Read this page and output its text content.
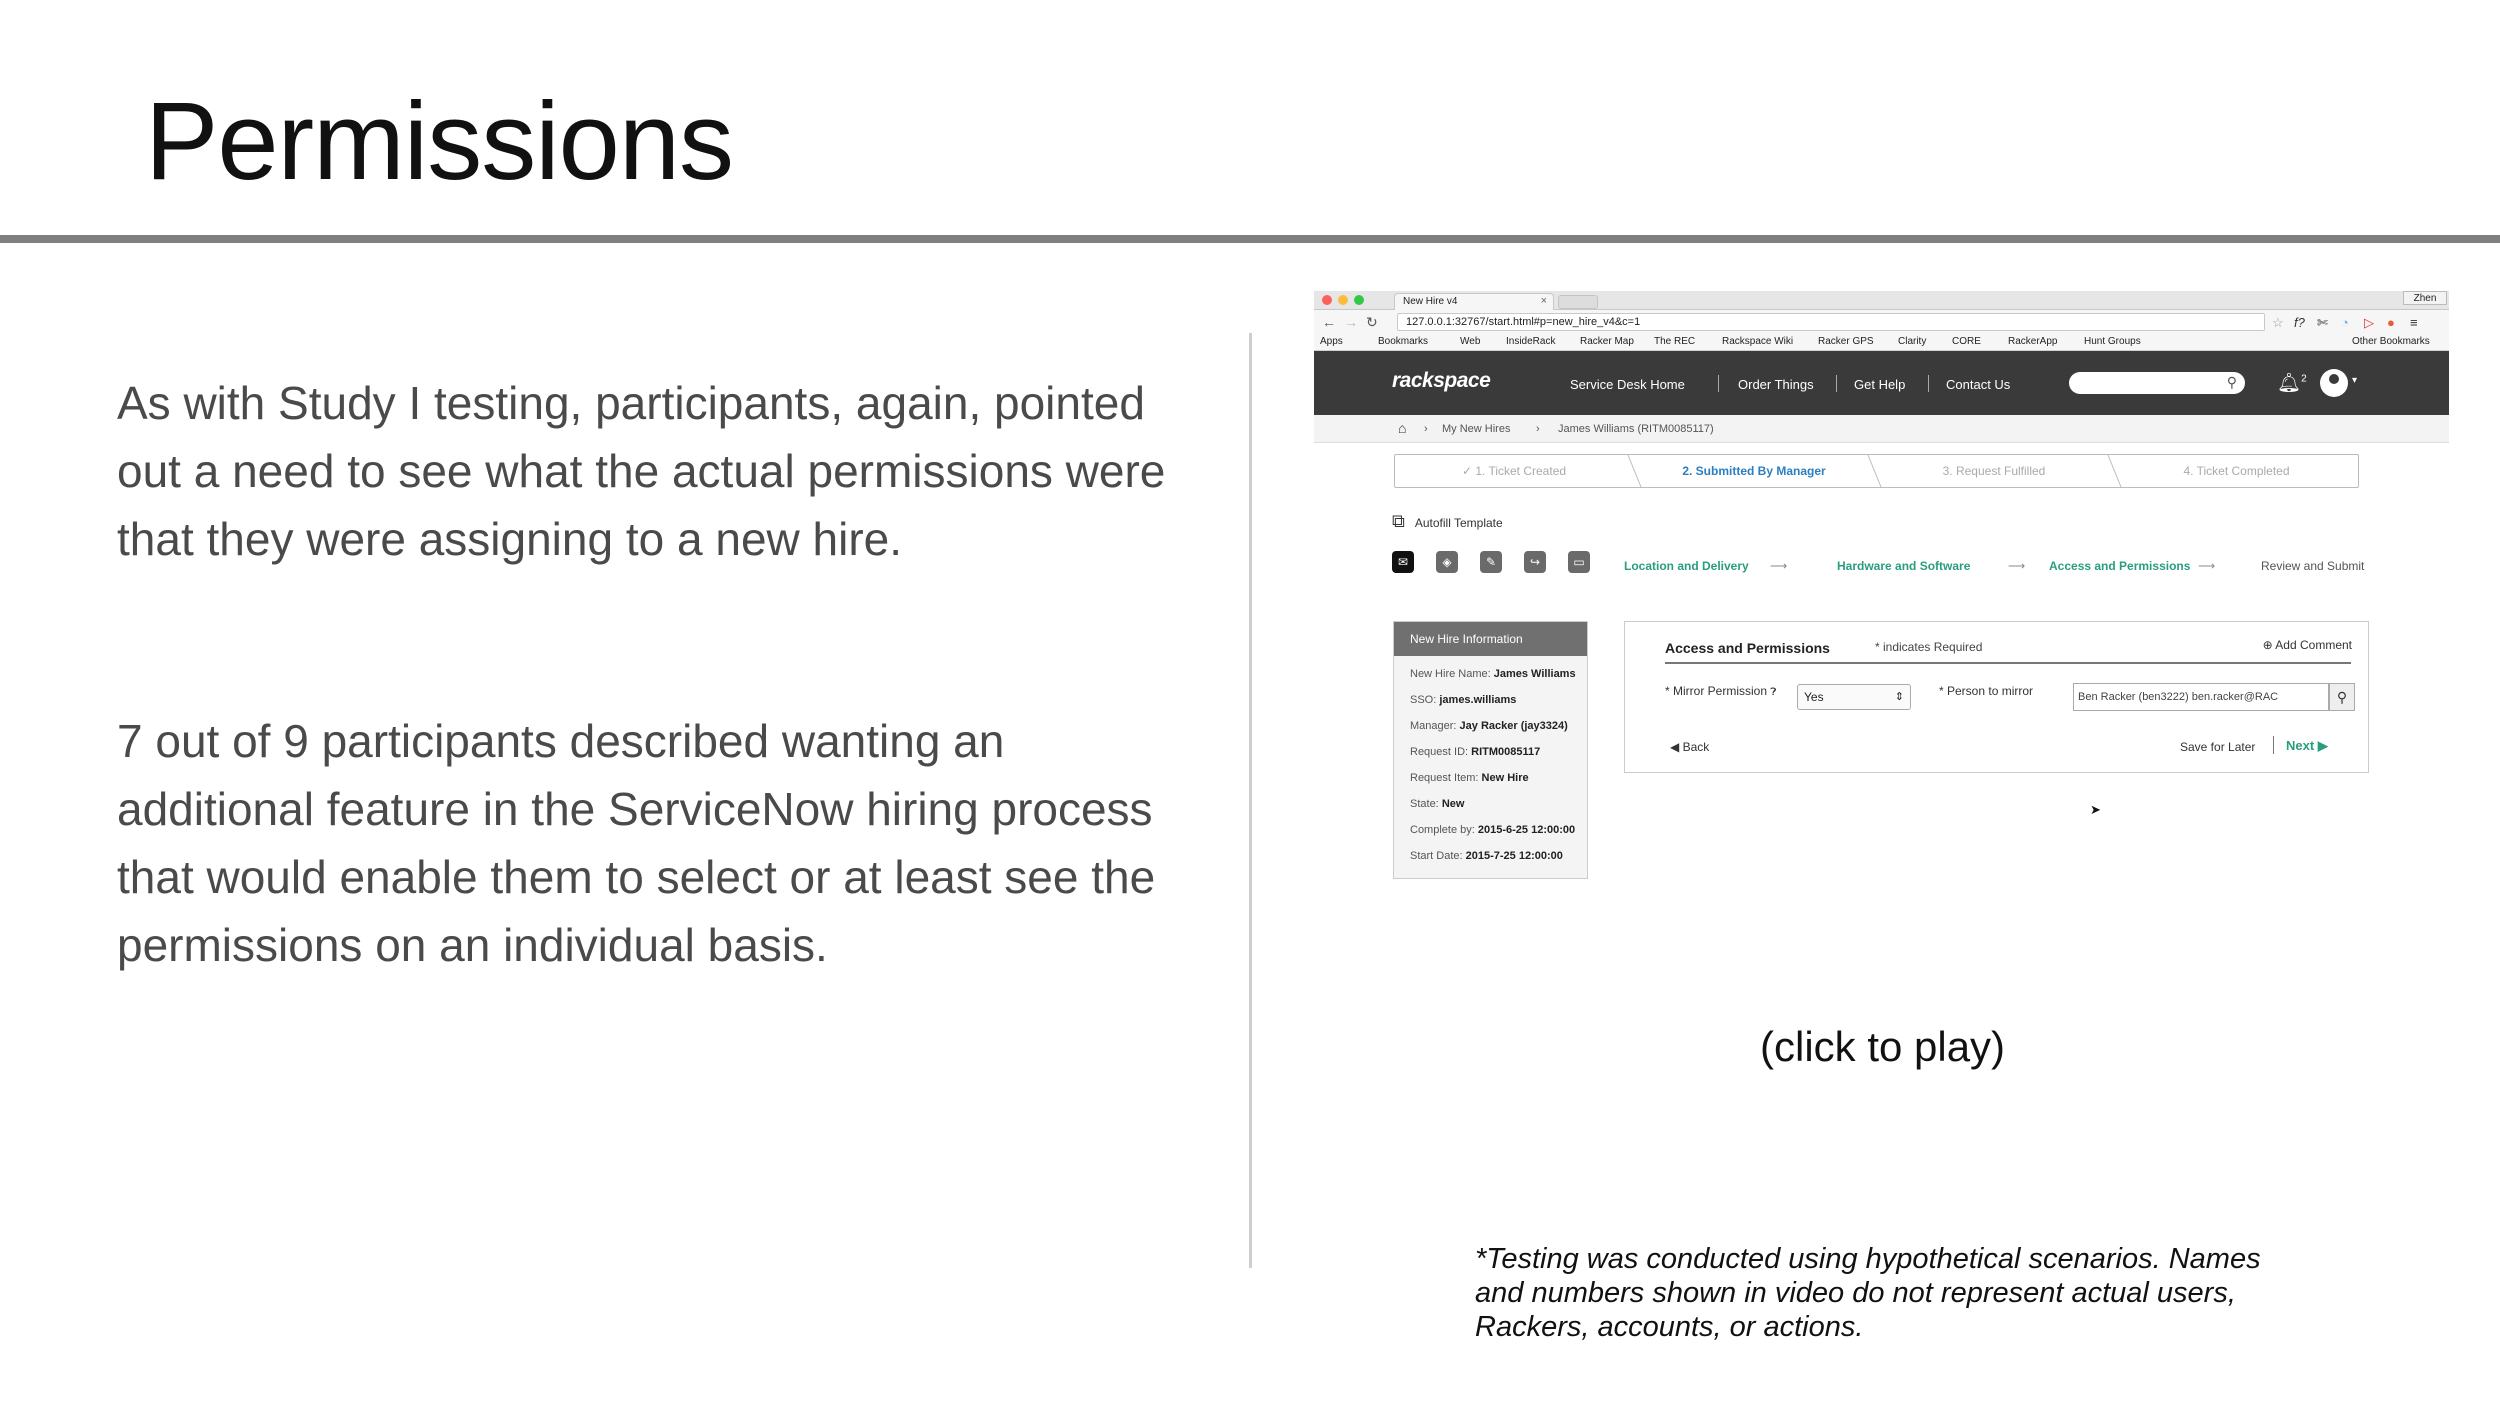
Permissions
As with Study I testing, participants, again, pointed out a need to see what the actual permissions were that they were assigning to a new hire.
7 out of 9 participants described wanting an additional feature in the ServiceNow hiring process that would enable them to select or at least see the permissions on an individual basis.
New Hire v4	×	Zhen
← → ↻	127.0.0.1:32767/start.html#p=new_hire_v4&c=1	☆ f? ✄ ◔ ▷ ● ≡
Apps	Bookmarks	Web	InsideRack Racker Map The REC	Rackspace Wiki Racker GPS Clarity	CORE	RackerApp	Hunt Groups	Other Bookmarks
rackspace	Service Desk Home	Order Things	Get Help	Contact Us	⚲ 🔔︎$^2$	▾
⌂ › My New Hires › James Williams (RITM0085117)
✓ 1. Ticket Created	2. Submitted By Manager	3. Request Fulfilled	4. Ticket Completed
⧉ Autofill Template
✉	◈	✎	↪	▭	Location and Delivery ⟶	Hardware and Software	⟶ Access and Permissions ⟶	Review and Submit
New Hire Information
New Hire Name: James Williams
SSO: james.williams
Manager: Jay Racker (jay3324)
Request ID: RITM0085117
Request Item: New Hire
State: New
Complete by: 2015-6-25 12:00:00
Start Date: 2015-7-25 12:00:00
Access and Permissions	* indicates Required	⊕ Add Comment
* Mirror Permission ❓︎	Yes ⇕	* Person to mirror	Ben Racker (ben3222) ben.racker@RAC	⚲
◀ Back	Save for Later Next ▶
➤
(click to play)
*Testing was conducted using hypothetical scenarios. Names and numbers shown in video do not represent actual users, Rackers, accounts, or actions.
